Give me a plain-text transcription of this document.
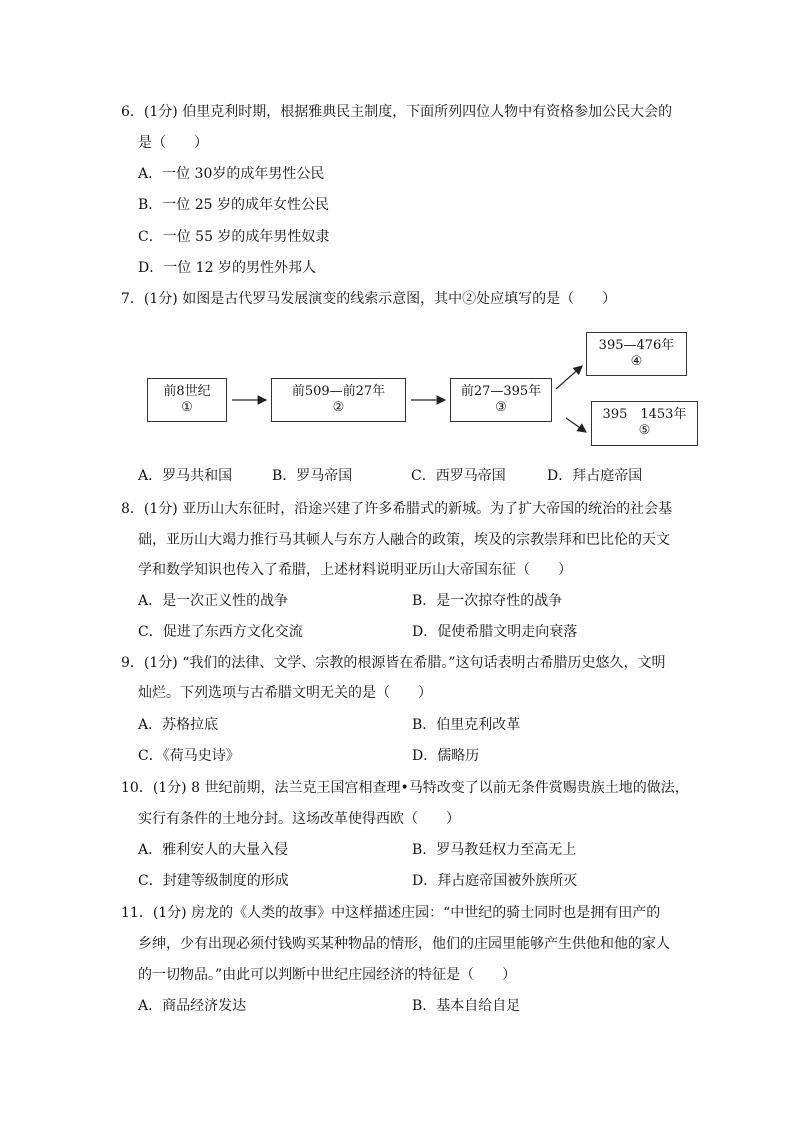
6．(1分) 伯里克利时期，根据雅典民主制度，下面所列四位人物中有资格参加公民大会的
是（　　）
A．一位 30岁的成年男性公民
B．一位 25 岁的成年女性公民
C．一位 55 岁的成年男性奴隶
D．一位 12 岁的男性外邦人
7．(1分) 如图是古代罗马发展演变的线索示意图，其中②处应填写的是（　　）
前8世纪
①
前509—前27年
②
前27—395年
③
395—476年
④
395　1453年
⑤
A．罗马共和国	B．罗马帝国	C．西罗马帝国	D．拜占庭帝国
8．(1分) 亚历山大东征时，沿途兴建了许多希腊式的新城。为了扩大帝国的统治的社会基
础，亚历山大竭力推行马其顿人与东方人融合的政策，埃及的宗教崇拜和巴比伦的天文
学和数学知识也传入了希腊，上述材料说明亚历山大帝国东征（　　）
A．是一次正义性的战争	B．是一次掠夺性的战争
C．促进了东西方文化交流	D．促使希腊文明走向衰落
9．(1分) “我们的法律、文学、宗教的根源皆在希腊。”这句话表明古希腊历史悠久，文明
灿烂。下列选项与古希腊文明无关的是（　　）
A．苏格拉底	B．伯里克利改革
C．《荷马史诗》	D．儒略历
10．(1分) 8 世纪前期，法兰克王国宫相查理•马特改变了以前无条件赏赐贵族土地的做法，
实行有条件的土地分封。这场改革使得西欧（　　）
A．雅利安人的大量入侵	B．罗马教廷权力至高无上
C．封建等级制度的形成	D．拜占庭帝国被外族所灭
11．(1分) 房龙的《人类的故事》中这样描述庄园：“中世纪的骑士同时也是拥有田产的
乡绅，少有出现必须付钱购买某种物品的情形，他们的庄园里能够产生供他和他的家人
的一切物品。”由此可以判断中世纪庄园经济的特征是（　　）
A．商品经济发达	B．基本自给自足
